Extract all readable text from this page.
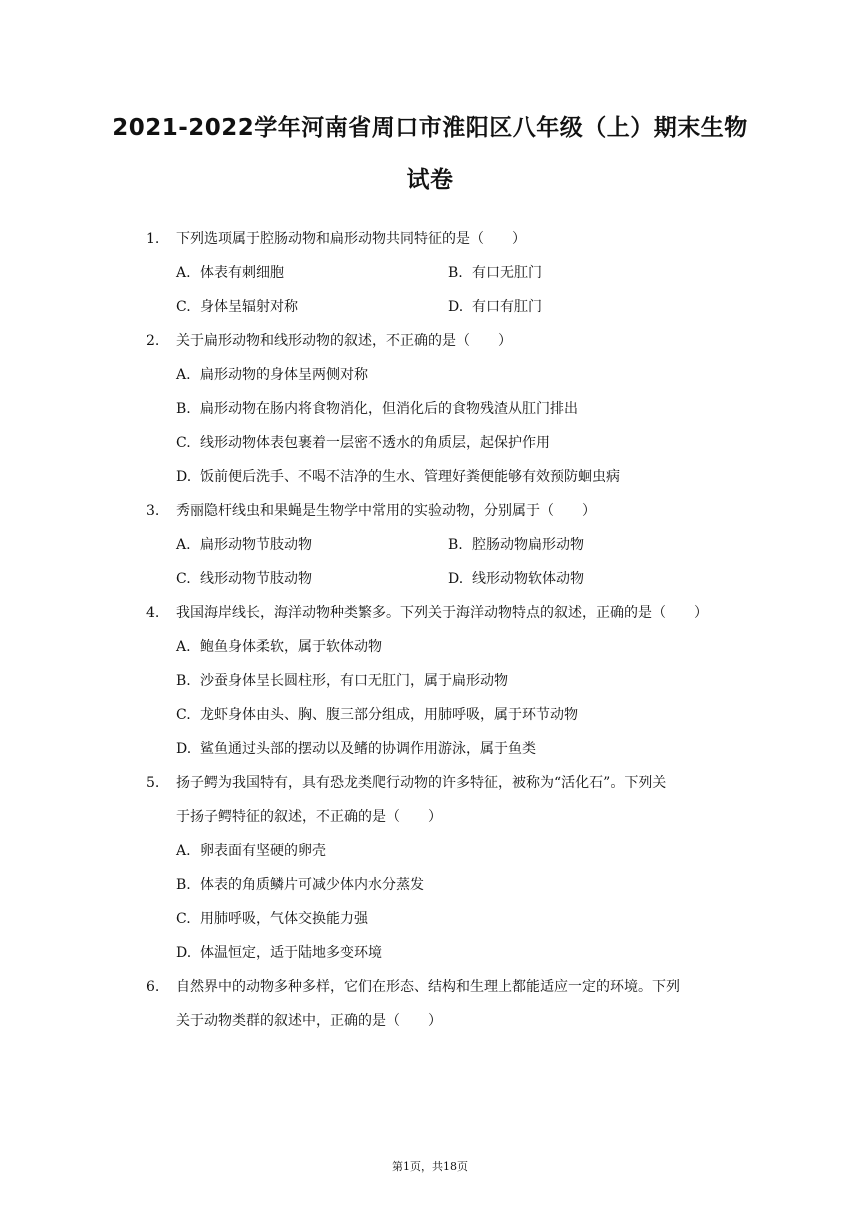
2021-2022学年河南省周口市淮阳区八年级（上）期末生物试卷
1. 下列选项属于腔肠动物和扁形动物共同特征的是（　　）
A. 体表有刺细胞	B. 有口无肛门
C. 身体呈辐射对称	D. 有口有肛门
2. 关于扁形动物和线形动物的叙述，不正确的是（　　）
A. 扁形动物的身体呈两侧对称
B. 扁形动物在肠内将食物消化，但消化后的食物残渣从肛门排出
C. 线形动物体表包裹着一层密不透水的角质层，起保护作用
D. 饭前便后洗手、不喝不洁净的生水、管理好粪便能够有效预防蛔虫病
3. 秀丽隐杆线虫和果蝇是生物学中常用的实验动物，分别属于（　　）
A. 扁形动物节肢动物	B. 腔肠动物扁形动物
C. 线形动物节肢动物	D. 线形动物软体动物
4. 我国海岸线长，海洋动物种类繁多。下列关于海洋动物特点的叙述，正确的是（　　）
A. 鲍鱼身体柔软，属于软体动物
B. 沙蚕身体呈长圆柱形，有口无肛门，属于扁形动物
C. 龙虾身体由头、胸、腹三部分组成，用肺呼吸，属于环节动物
D. 鲨鱼通过头部的摆动以及鳍的协调作用游泳，属于鱼类
5. 扬子鳄为我国特有，具有恐龙类爬行动物的许多特征，被称为“活化石”。下列关
于扬子鳄特征的叙述，不正确的是（　　）
A. 卵表面有坚硬的卵壳
B. 体表的角质鳞片可减少体内水分蒸发
C. 用肺呼吸，气体交换能力强
D. 体温恒定，适于陆地多变环境
6. 自然界中的动物多种多样，它们在形态、结构和生理上都能适应一定的环境。下列
关于动物类群的叙述中，正确的是（　　）
第1页，共18页
